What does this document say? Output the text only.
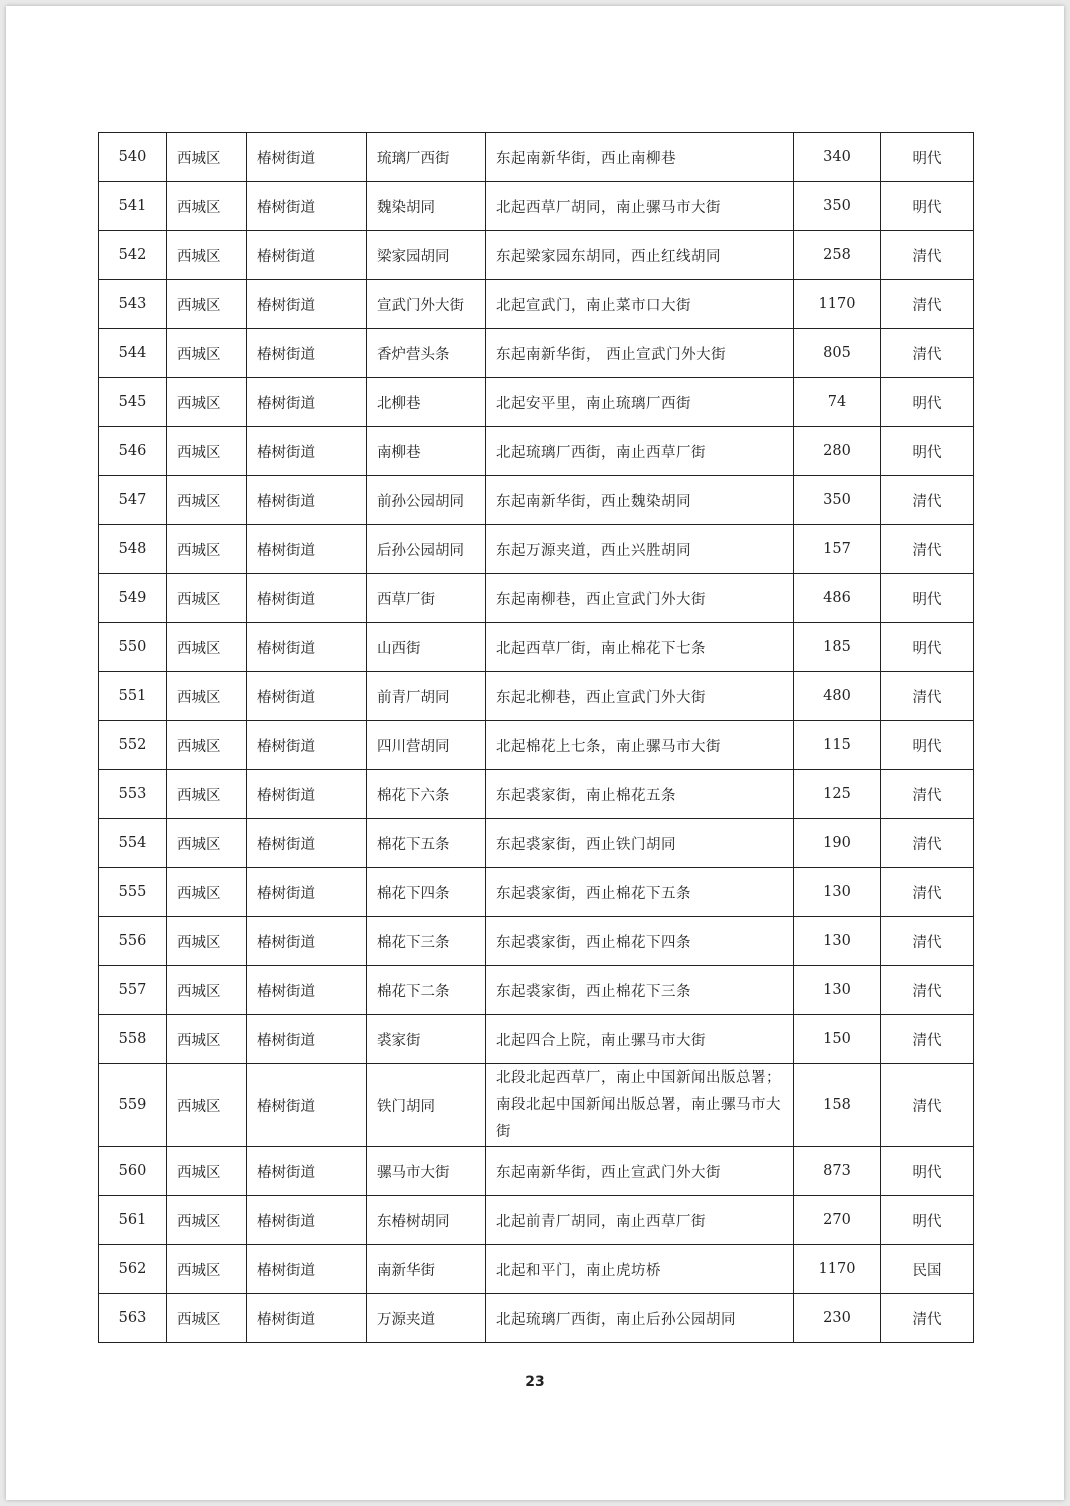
540	西城区	椿树街道	琉璃厂西街	东起南新华街，西止南柳巷	340	明代
541	西城区	椿树街道	魏染胡同	北起西草厂胡同，南止骡马市大街	350	明代
542	西城区	椿树街道	梁家园胡同	东起梁家园东胡同，西止红线胡同	258	清代
543	西城区	椿树街道	宣武门外大街	北起宣武门，南止菜市口大街	1170	清代
544	西城区	椿树街道	香炉营头条	东起南新华街， 西止宣武门外大街	805	清代
545	西城区	椿树街道	北柳巷	北起安平里，南止琉璃厂西街	74	明代
546	西城区	椿树街道	南柳巷	北起琉璃厂西街，南止西草厂街	280	明代
547	西城区	椿树街道	前孙公园胡同	东起南新华街，西止魏染胡同	350	清代
548	西城区	椿树街道	后孙公园胡同	东起万源夹道，西止兴胜胡同	157	清代
549	西城区	椿树街道	西草厂街	东起南柳巷，西止宣武门外大街	486	明代
550	西城区	椿树街道	山西街	北起西草厂街，南止棉花下七条	185	明代
551	西城区	椿树街道	前青厂胡同	东起北柳巷，西止宣武门外大街	480	清代
552	西城区	椿树街道	四川营胡同	北起棉花上七条，南止骡马市大街	115	明代
553	西城区	椿树街道	棉花下六条	东起裘家街，南止棉花五条	125	清代
554	西城区	椿树街道	棉花下五条	东起裘家街，西止铁门胡同	190	清代
555	西城区	椿树街道	棉花下四条	东起裘家街，西止棉花下五条	130	清代
556	西城区	椿树街道	棉花下三条	东起裘家街，西止棉花下四条	130	清代
557	西城区	椿树街道	棉花下二条	东起裘家街，西止棉花下三条	130	清代
558	西城区	椿树街道	裘家街	北起四合上院，南止骡马市大街	150	清代
559	西城区	椿树街道	铁门胡同	北段北起西草厂，南止中国新闻出版总署；南段北起中国新闻出版总署，南止骡马市大街	158	清代
560	西城区	椿树街道	骡马市大街	东起南新华街，西止宣武门外大街	873	明代
561	西城区	椿树街道	东椿树胡同	北起前青厂胡同，南止西草厂街	270	明代
562	西城区	椿树街道	南新华街	北起和平门，南止虎坊桥	1170	民国
563	西城区	椿树街道	万源夹道	北起琉璃厂西街，南止后孙公园胡同	230	清代
23
